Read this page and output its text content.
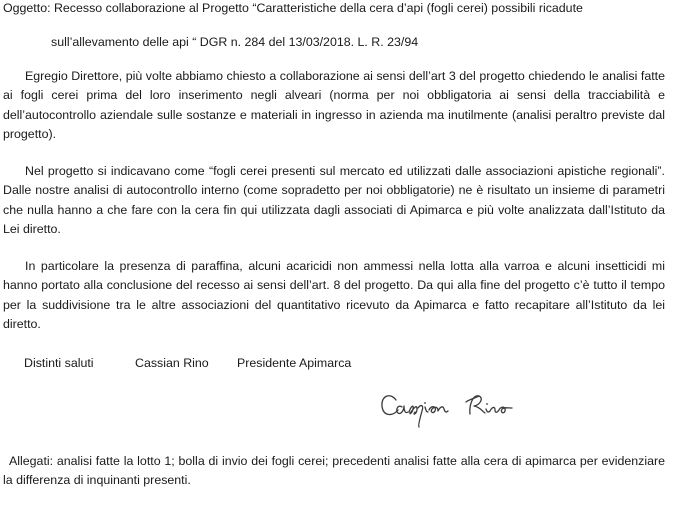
Oggetto: Recesso collaborazione al Progetto “Caratteristiche della cera d’api (fogli cerei) possibili ricadute
sull’allevamento delle api “ DGR n. 284 del 13/03/2018. L. R. 23/94

Egregio Direttore, più volte abbiamo chiesto a collaborazione ai sensi dell’art 3 del progetto chiedendo le analisi fatte ai fogli cerei prima del loro inserimento negli alveari (norma per noi obbligatoria ai sensi della tracciabilità e dell’autocontrollo aziendale sulle sostanze e materiali in ingresso in azienda ma inutilmente (analisi peraltro previste dal progetto).

Nel progetto si indicavano come “fogli cerei presenti sul mercato ed utilizzati dalle associazioni apistiche regionali”. Dalle nostre analisi di autocontrollo interno (come sopradetto per noi obbligatorie) ne è risultato un insieme di parametri che nulla hanno a che fare con la cera fin qui utilizzata dagli associati di Apimarca e più volte analizzata dall’Istituto da Lei diretto.

In particolare la presenza di paraffina, alcuni acaricidi non ammessi nella lotta alla varroa e alcuni insetticidi mi hanno portato alla conclusione del recesso ai sensi dell’art. 8 del progetto. Da qui alla fine del progetto c’è tutto il tempo per la suddivisione tra le altre associazioni del quantitativo ricevuto da Apimarca e fatto recapitare all’Istituto da lei diretto.

Distinti saluti	Cassian Rino Presidente Apimarca

Allegati: analisi fatte la lotto 1; bolla di invio dei fogli cerei; precedenti analisi fatte alla cera di apimarca per evidenziare la differenza di inquinanti presenti.
